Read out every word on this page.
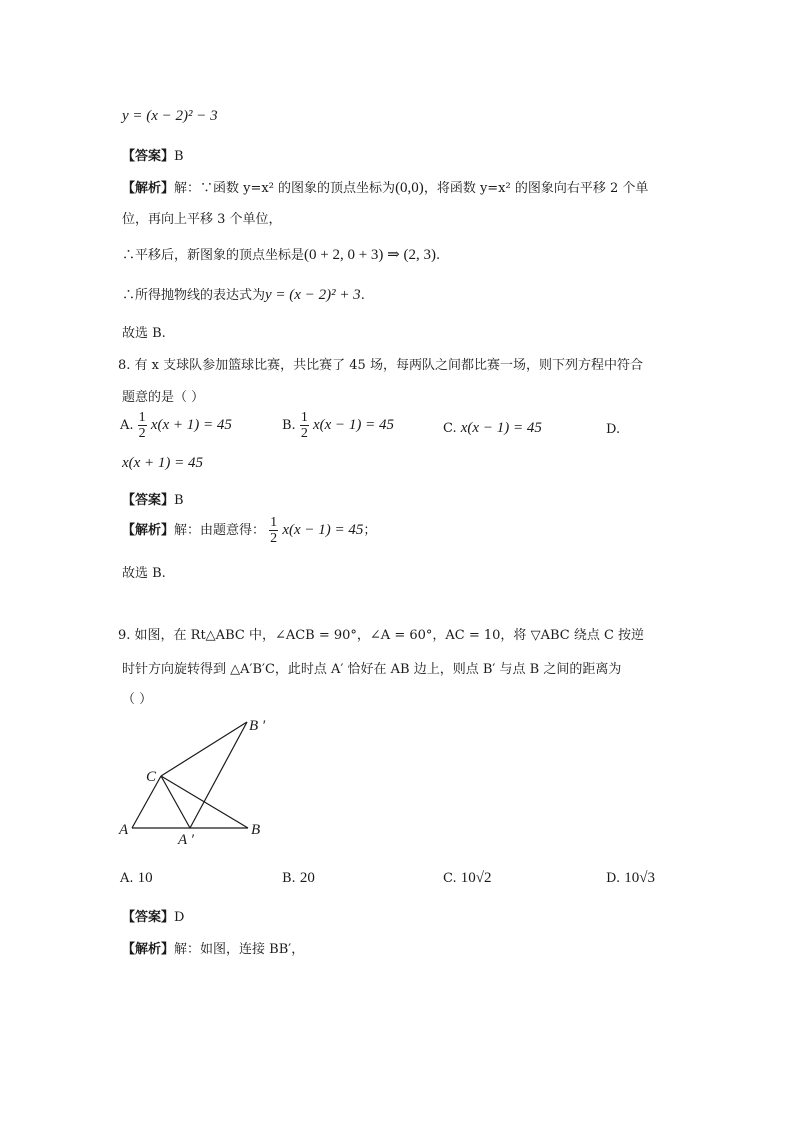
y = (x − 2)² − 3
【答案】B
【解析】解：∵函数 y=x² 的图象的顶点坐标为(0,0)，将函数 y=x² 的图象向右平移 2 个单
位，再向上平移 3 个单位，
∴平移后，新图象的顶点坐标是(0 + 2, 0 + 3) ⇒ (2, 3).
∴所得抛物线的表达式为y = (x − 2)² + 3.
故选 B.
8. 有 x 支球队参加篮球比赛，共比赛了 45 场，每两队之间都比赛一场，则下列方程中符合
题意的是（ ）
A. $\frac{1}{2} x(x + 1) = 45$	B. $\frac{1}{2} x(x - 1) = 45$	C. x(x − 1) = 45	D.
x(x + 1) = 45
【答案】B
【解析】解：由题意得： $\frac{1}{2} x(x - 1) = 45$；
故选 B.
9. 如图，在 Rt△ABC 中，∠ACB = 90°，∠A = 60°，AC = 10，将 ▽ABC 绕点 C 按逆
时针方向旋转得到 △A′B′C，此时点 A′ 恰好在 AB 边上，则点 B′ 与点 B 之间的距离为
（ ）
B ′
C
A
A ′
B
A. 10	B. 20	C. 10√2	D. 10√3
【答案】D
【解析】解：如图，连接 BB′，
